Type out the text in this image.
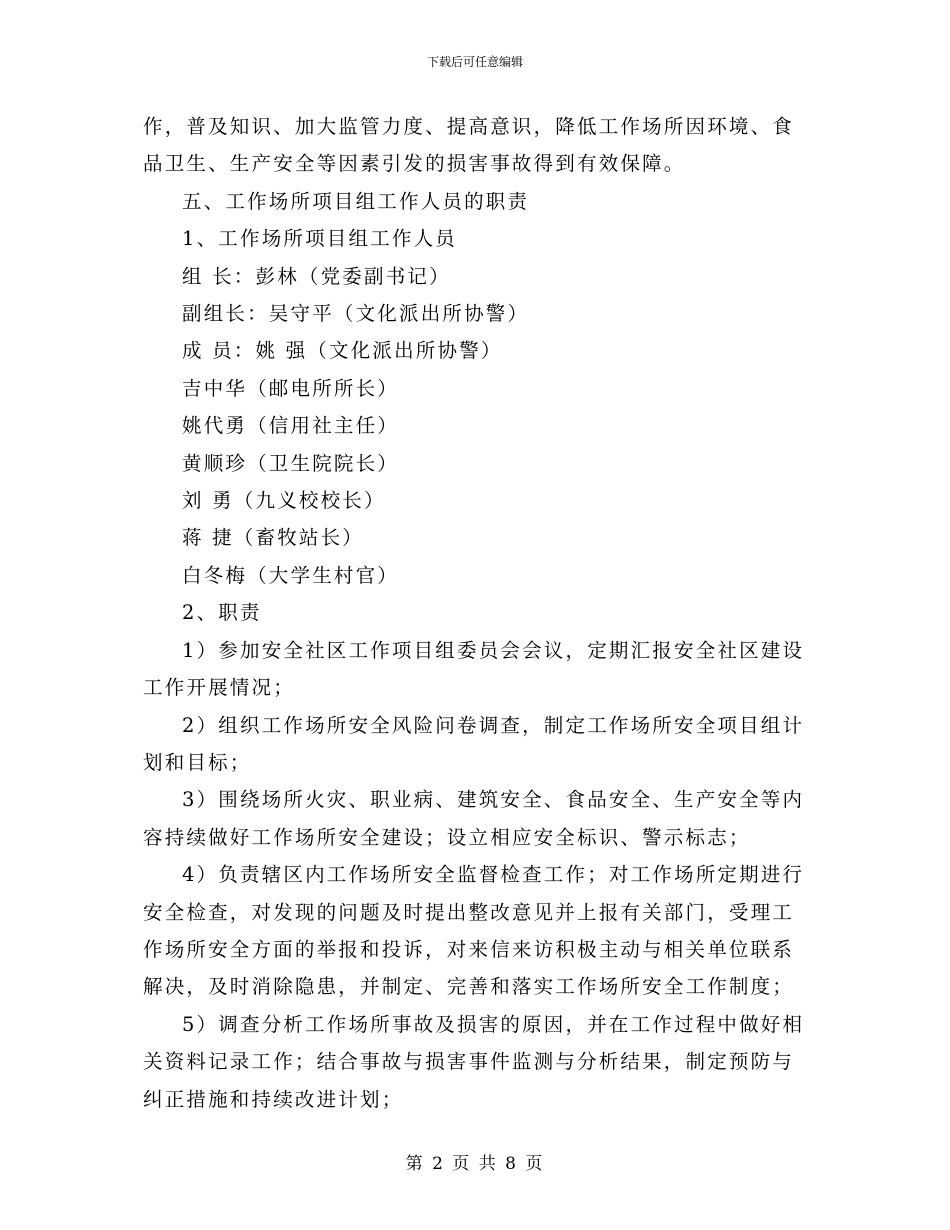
下载后可任意编辑

作，普及知识、加大监管力度、提高意识，降低工作场所因环境、食品卫生、生产安全等因素引发的损害事故得到有效保障。

五、工作场所项目组工作人员的职责

1、工作场所项目组工作人员

组 长：彭林（党委副书记）

副组长：吴守平（文化派出所协警）

成 员：姚 强（文化派出所协警）

吉中华（邮电所所长）

姚代勇（信用社主任）

黄顺珍（卫生院院长）

刘 勇（九义校校长）

蒋 捷（畜牧站长）

白冬梅（大学生村官）

2、职责

1）参加安全社区工作项目组委员会会议，定期汇报安全社区建设工作开展情况；

2）组织工作场所安全风险问卷调查，制定工作场所安全项目组计划和目标；

3）围绕场所火灾、职业病、建筑安全、食品安全、生产安全等内容持续做好工作场所安全建设；设立相应安全标识、警示标志；

4）负责辖区内工作场所安全监督检查工作；对工作场所定期进行安全检查，对发现的问题及时提出整改意见并上报有关部门，受理工作场所安全方面的举报和投诉，对来信来访积极主动与相关单位联系解决，及时消除隐患，并制定、完善和落实工作场所安全工作制度；

5）调查分析工作场所事故及损害的原因，并在工作过程中做好相关资料记录工作；结合事故与损害事件监测与分析结果，制定预防与纠正措施和持续改进计划；

第 2 页 共 8 页
